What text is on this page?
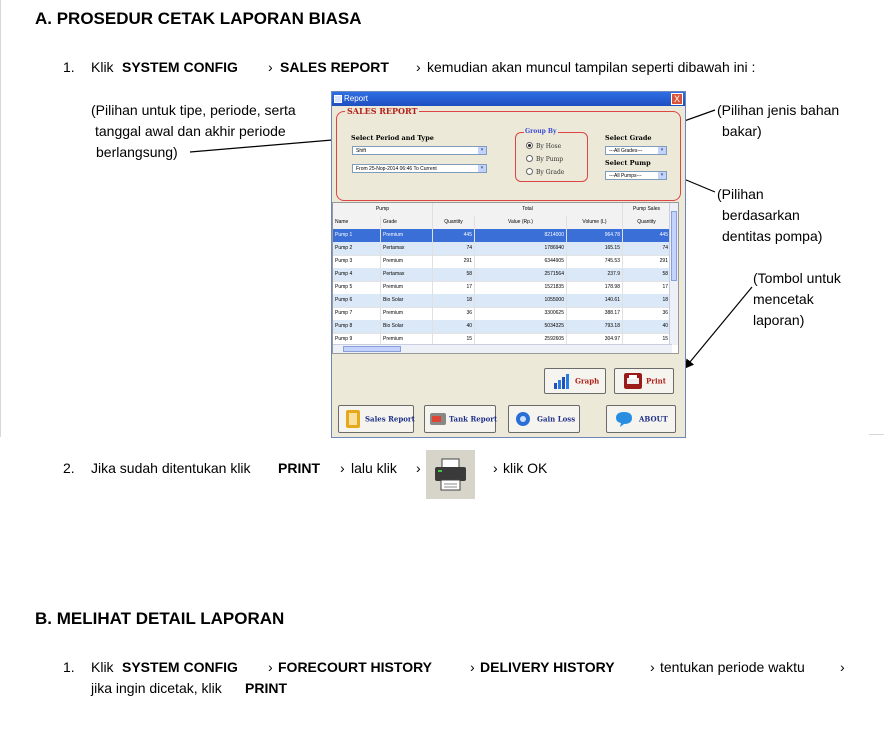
A. PROSEDUR CETAK LAPORAN BIASA
1. Klik SYSTEM CONFIG › SALES REPORT › kemudian akan muncul tampilan seperti dibawah ini :
(Pilihan untuk tipe, periode, serta
tanggal awal dan akhir periode
berlangsung)
(Pilihan jenis bahan
bakar)
(Pilihan
berdasarkan
dentitas pompa)
(Tombol untuk
mencetak
laporan)
Report	X
SALES REPORT
Select Period and Type
Shift	▾
From 25-Nop-2014 06:46 To Current	▾
Group By
By Hose
By Pump
By Grade
Select Grade
---All Grades---	▾
Select Pump
---All Pumps---	▾
Pump	Total	Pump Sales
Name	Grade	Quantity	Value (Rp.)	Volume (L)	Quantity
Pump 1	Premium	445	8214000	964.78	445
Pump 2	Pertamax	74	1786940	165.15	74
Pump 3	Premium	291	6344905	745.53	291
Pump 4	Pertamax	58	2571564	237.9	58
Pump 5	Premium	17	1521835	178.98	17
Pump 6	Bio Solar	18	1055000	140.61	18
Pump 7	Premium	36	3300625	388.17	36
Pump 8	Bio Solar	40	5034325	793.18	40
Pump 9	Premium	15	2592605	304.97	15
Graph	Print
Sales Report	Tank Report	Gain Loss	ABOUT
2. Jika sudah ditentukan klik PRINT › lalu klik ›	› klik OK
B. MELIHAT DETAIL LAPORAN
1. Klik SYSTEM CONFIG › FORECOURT HISTORY	› DELIVERY HISTORY	› tentukan periode waktu	›
jika ingin dicetak, klik PRINT
